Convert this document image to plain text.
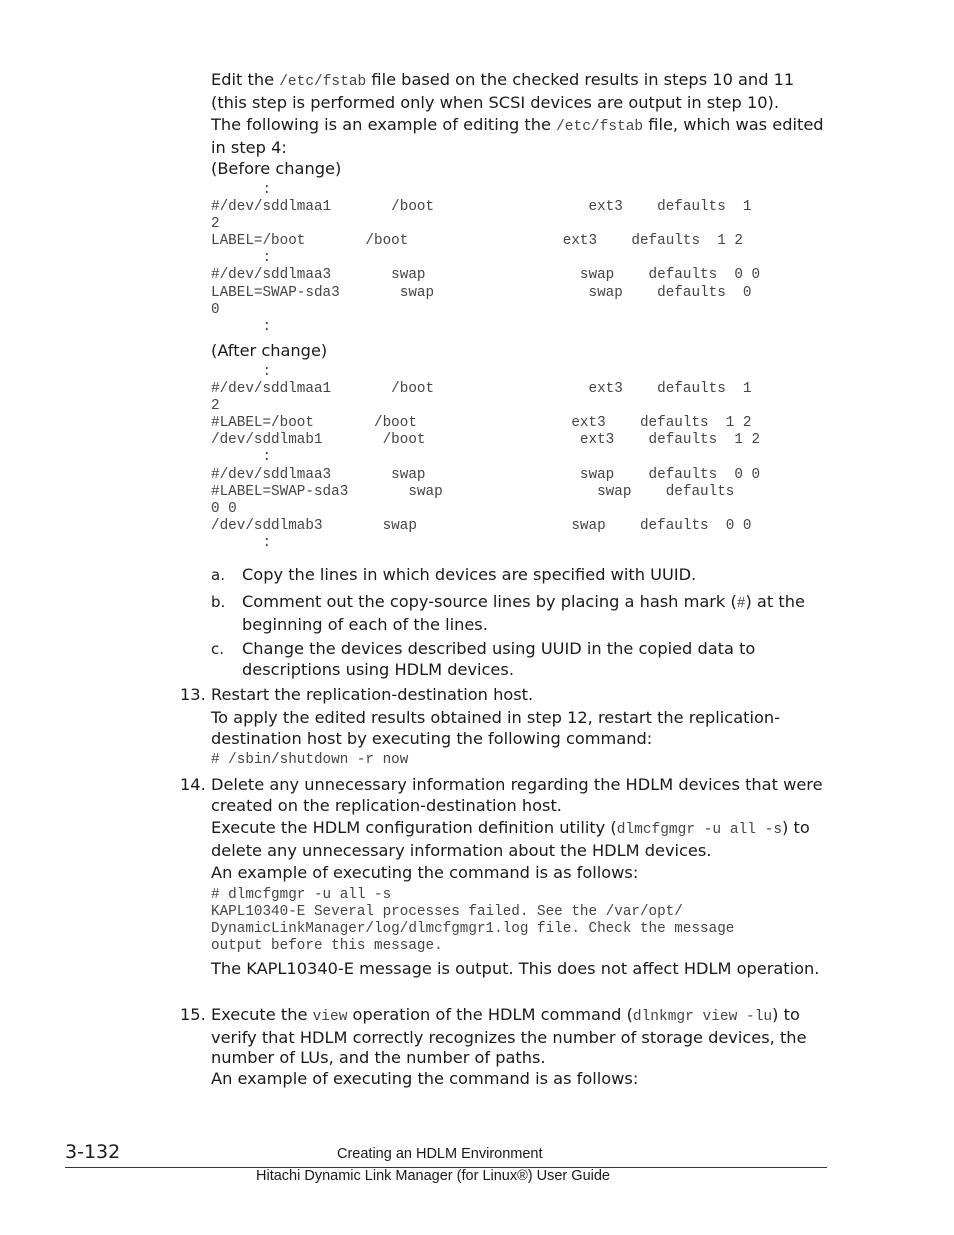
Edit the /etc/fstab file based on the checked results in steps 10 and 11 (this step is performed only when SCSI devices are output in step 10).

The following is an example of editing the /etc/fstab file, which was edited in step 4:

(Before change)

:
#/dev/sddlmaa1       /boot                  ext3    defaults  1
2
LABEL=/boot       /boot                  ext3    defaults  1 2
:
#/dev/sddlmaa3       swap                  swap    defaults  0 0
LABEL=SWAP-sda3       swap                  swap    defaults  0
0
:

(After change)

:
#/dev/sddlmaa1       /boot                  ext3    defaults  1
2
#LABEL=/boot       /boot                  ext3    defaults  1 2
/dev/sddlmab1       /boot                  ext3    defaults  1 2
:
#/dev/sddlmaa3       swap                  swap    defaults  0 0
#LABEL=SWAP-sda3       swap                  swap    defaults
0 0
/dev/sddlmab3       swap                  swap    defaults  0 0
:
a. Copy the lines in which devices are specified with UUID.

b. Comment out the copy-source lines by placing a hash mark (#) at the beginning of each of the lines.

c. Change the devices described using UUID in the copied data to descriptions using HDLM devices.

13. Restart the replication-destination host.

To apply the edited results obtained in step 12, restart the replication-destination host by executing the following command:

# /sbin/shutdown -r now
14. Delete any unnecessary information regarding the HDLM devices that were created on the replication-destination host.

Execute the HDLM configuration definition utility (dlmcfgmgr -u all -s) to delete any unnecessary information about the HDLM devices.

An example of executing the command is as follows:

# dlmcfgmgr -u all -s
KAPL10340-E Several processes failed. See the /var/opt/
DynamicLinkManager/log/dlmcfgmgr1.log file. Check the message
output before this message.

The KAPL10340-E message is output. This does not affect HDLM operation.

15. Execute the view operation of the HDLM command (dlnkmgr view -lu) to verify that HDLM correctly recognizes the number of storage devices, the number of LUs, and the number of paths.

An example of executing the command is as follows:

3-132	Creating an HDLM Environment
Hitachi Dynamic Link Manager (for Linux®) User Guide
